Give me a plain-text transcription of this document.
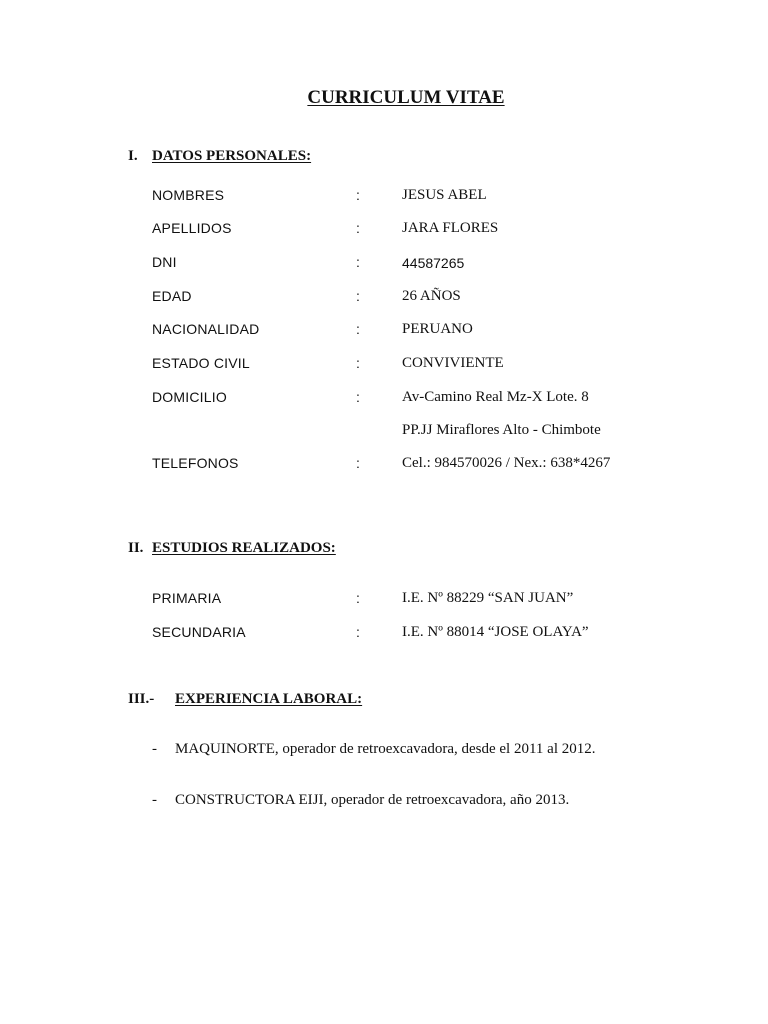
CURRICULUM VITAE
I. DATOS PERSONALES:
NOMBRES	:	JESUS ABEL
APELLIDOS	:	JARA FLORES
DNI	:	44587265
EDAD	:	26 AÑOS
NACIONALIDAD	:	PERUANO
ESTADO CIVIL	:	CONVIVIENTE
DOMICILIO	:	Av-Camino Real Mz-X Lote. 8
PP.JJ Miraflores Alto - Chimbote
TELEFONOS	:	Cel.: 984570026 / Nex.: 638*4267
II. ESTUDIOS REALIZADOS:
PRIMARIA	:	I.E. Nº 88229 “SAN JUAN”
SECUNDARIA	:	I.E. Nº 88014 “JOSE OLAYA”
III.- EXPERIENCIA LABORAL:
- MAQUINORTE, operador de retroexcavadora, desde el 2011 al 2012.
- CONSTRUCTORA EIJI, operador de retroexcavadora, año 2013.
